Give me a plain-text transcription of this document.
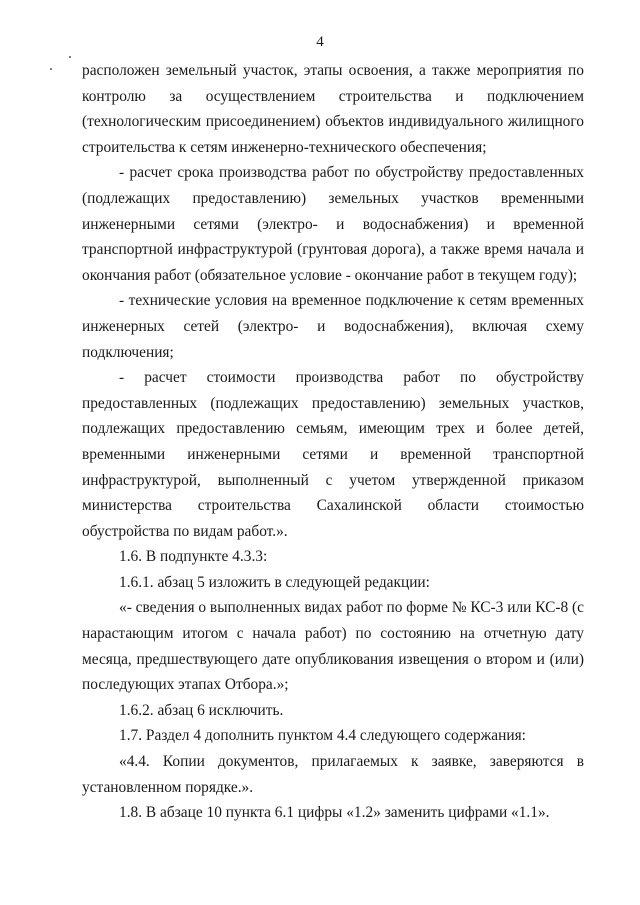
4

расположен земельный участок, этапы освоения, а также мероприятия по контролю за осуществлением строительства и подключением (технологическим присоединением) объектов индивидуального жилищного строительства к сетям инженерно-технического обеспечения;

- расчет срока производства работ по обустройству предоставленных (подлежащих предоставлению) земельных участков временными инженерными сетями (электро- и водоснабжения) и временной транспортной инфраструктурой (грунтовая дорога), а также время начала и окончания работ (обязательное условие - окончание работ в текущем году);

- технические условия на временное подключение к сетям временных инженерных сетей (электро- и водоснабжения), включая схему подключения;

- расчет стоимости производства работ по обустройству предоставленных (подлежащих предоставлению) земельных участков, подлежащих предоставлению семьям, имеющим трех и более детей, временными инженерными сетями и временной транспортной инфраструктурой, выполненный с учетом утвержденной приказом министерства строительства Сахалинской области стоимостью обустройства по видам работ.».

1.6. В подпункте 4.3.3:

1.6.1. абзац 5 изложить в следующей редакции:

«- сведения о выполненных видах работ по форме № КС-3 или КС-8 (с нарастающим итогом с начала работ) по состоянию на отчетную дату месяца, предшествующего дате опубликования извещения о втором и (или) последующих этапах Отбора.»;

1.6.2. абзац 6 исключить.

1.7. Раздел 4 дополнить пунктом 4.4 следующего содержания:

«4.4. Копии документов, прилагаемых к заявке, заверяются в установленном порядке.».

1.8. В абзаце 10 пункта 6.1 цифры «1.2» заменить цифрами «1.1».
